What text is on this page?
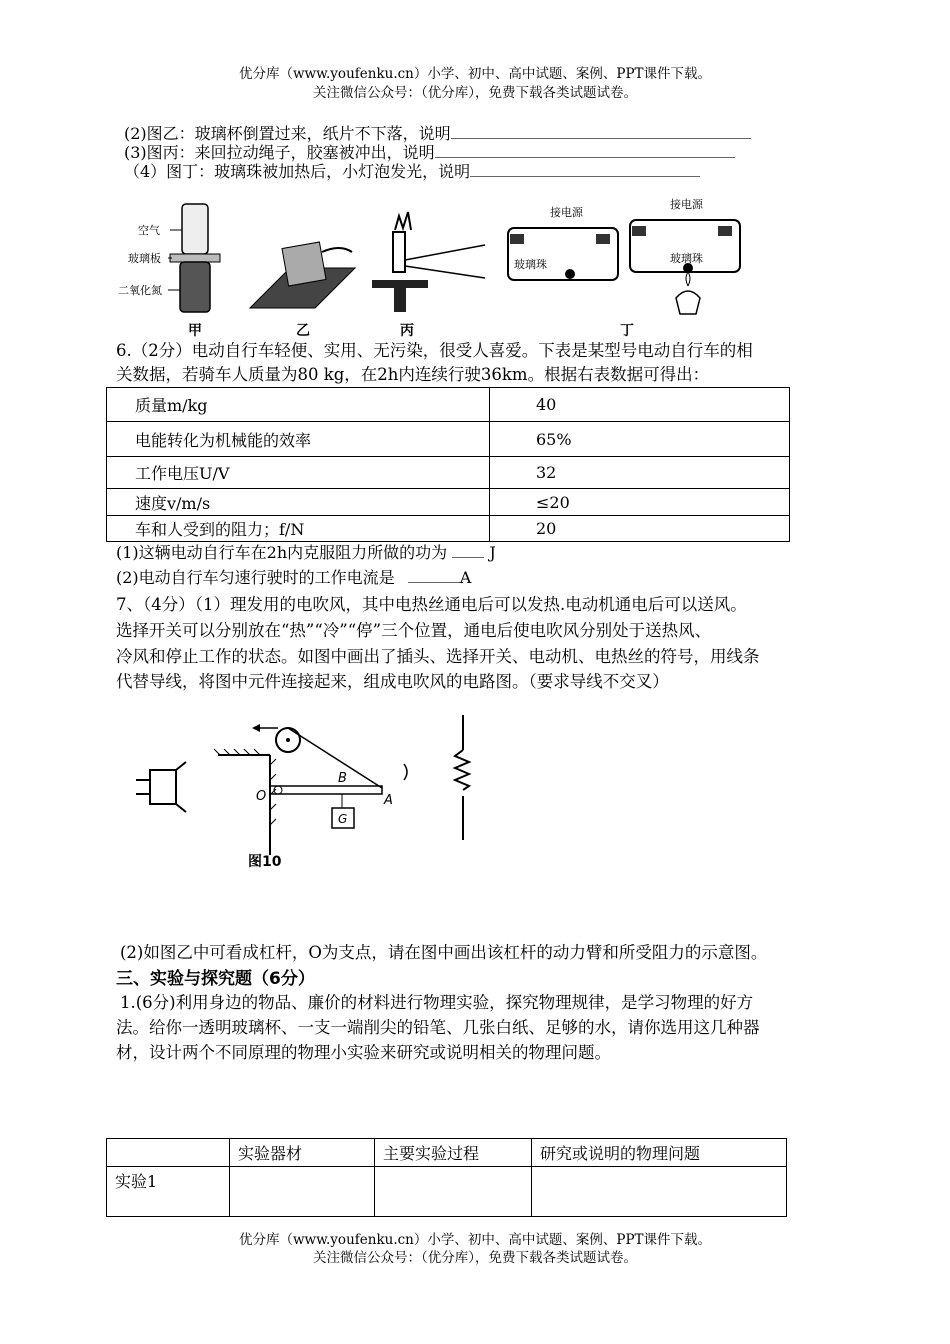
优分库（www.youfenku.cn）小学、初中、高中试题、案例、PPT课件下载。
关注微信公众号：（优分库），免费下载各类试题试卷。
(2)图乙：玻璃杯倒置过来，纸片不下落，说明
(3)图丙：来回拉动绳子，胶塞被冲出，说明
（4）图丁：玻璃珠被加热后，小灯泡发光，说明
空气
玻璃板
二氧化氮
甲	乙	丙
接电源
玻璃珠
接电源
玻璃珠
丁
6.（2分）电动自行车轻便、实用、无污染，很受人喜爱。下表是某型号电动自行车的相
关数据，若骑车人质量为80 kg，在2h内连续行驶36km。根据右表数据可得出：
质量m/kg	40
电能转化为机械能的效率	65%
工作电压U/V	32
速度v/m/s	≤20
车和人受到的阻力；f/N	20
(1)这辆电动自行车在2h内克服阻力所做的功为	J
(2)电动自行车匀速行驶时的工作电流是	A
7、（4分）（1）理发用的电吹风，其中电热丝通电后可以发热.电动机通电后可以送风。
选择开关可以分别放在“热”“冷”“停”三个位置，通电后使电吹风分别处于送热风、
冷风和停止工作的状态。如图中画出了插头、选择开关、电动机、电热丝的符号，用线条
代替导线，将图中元件连接起来，组成电吹风的电路图。（要求导线不交叉）
O
B
A
G
图10
(2)如图乙中可看成杠杆，O为支点，请在图中画出该杠杆的动力臂和所受阻力的示意图。
三、实验与探究题（6分）
1.(6分)利用身边的物品、廉价的材料进行物理实验，探究物理规律，是学习物理的好方
法。给你一透明玻璃杯、一支一端削尖的铅笔、几张白纸、足够的水，请你选用这几种器
材，设计两个不同原理的物理小实验来研究或说明相关的物理问题。
	实验器材	主要实验过程	研究或说明的物理问题
实验1			
优分库（www.youfenku.cn）小学、初中、高中试题、案例、PPT课件下载。
关注微信公众号：（优分库），免费下载各类试题试卷。
